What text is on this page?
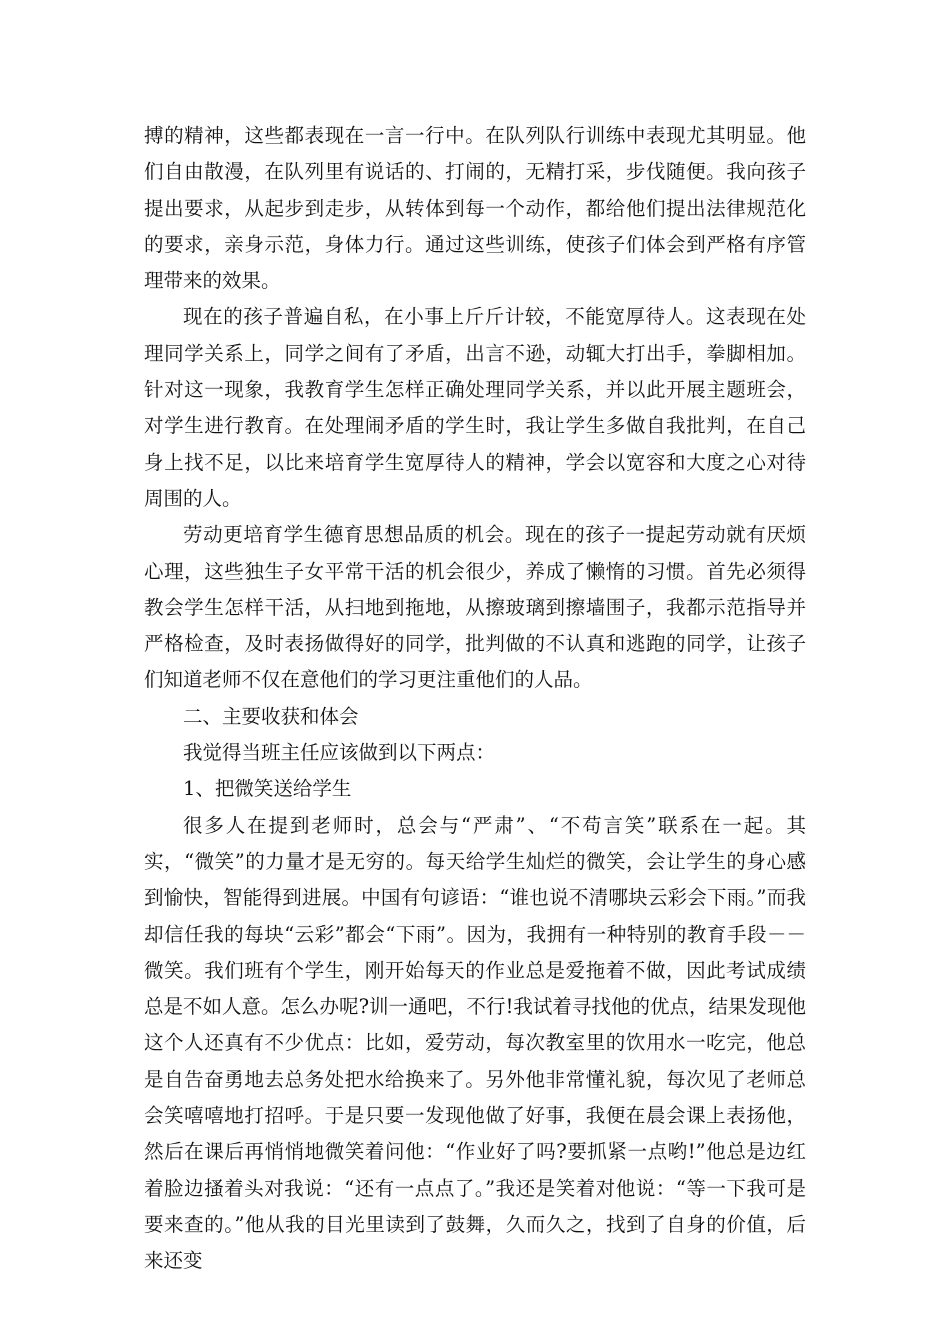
搏的精神，这些都表现在一言一行中。在队列队行训练中表现尤其明显。他们自由散漫，在队列里有说话的、打闹的，无精打采，步伐随便。我向孩子提出要求，从起步到走步，从转体到每一个动作，都给他们提出法律规范化的要求，亲身示范，身体力行。通过这些训练，使孩子们体会到严格有序管理带来的效果。

现在的孩子普遍自私，在小事上斤斤计较，不能宽厚待人。这表现在处理同学关系上，同学之间有了矛盾，出言不逊，动辄大打出手，拳脚相加。针对这一现象，我教育学生怎样正确处理同学关系，并以此开展主题班会，对学生进行教育。在处理闹矛盾的学生时，我让学生多做自我批判，在自己身上找不足，以比来培育学生宽厚待人的精神，学会以宽容和大度之心对待周围的人。

劳动更培育学生德育思想品质的机会。现在的孩子一提起劳动就有厌烦心理，这些独生子女平常干活的机会很少，养成了懒惰的习惯。首先必须得教会学生怎样干活，从扫地到拖地，从擦玻璃到擦墙围子，我都示范指导并严格检查，及时表扬做得好的同学，批判做的不认真和逃跑的同学，让孩子们知道老师不仅在意他们的学习更注重他们的人品。

二、主要收获和体会

我觉得当班主任应该做到以下两点：

1、把微笑送给学生

很多人在提到老师时，总会与“严肃”、“不苟言笑”联系在一起。其实，“微笑”的力量才是无穷的。每天给学生灿烂的微笑，会让学生的身心感到愉快，智能得到进展。中国有句谚语：“谁也说不清哪块云彩会下雨。”而我却信任我的每块“云彩”都会“下雨”。因为，我拥有一种特别的教育手段－－微笑。我们班有个学生，刚开始每天的作业总是爱拖着不做，因此考试成绩总是不如人意。怎么办呢?训一通吧，不行!我试着寻找他的优点，结果发现他这个人还真有不少优点：比如，爱劳动，每次教室里的饮用水一吃完，他总是自告奋勇地去总务处把水给换来了。另外他非常懂礼貌，每次见了老师总会笑嘻嘻地打招呼。于是只要一发现他做了好事，我便在晨会课上表扬他，然后在课后再悄悄地微笑着问他：“作业好了吗?要抓紧一点哟!”他总是边红着脸边搔着头对我说：“还有一点点了。”我还是笑着对他说：“等一下我可是要来查的。”他从我的目光里读到了鼓舞，久而久之，找到了自身的价值，后来还变
